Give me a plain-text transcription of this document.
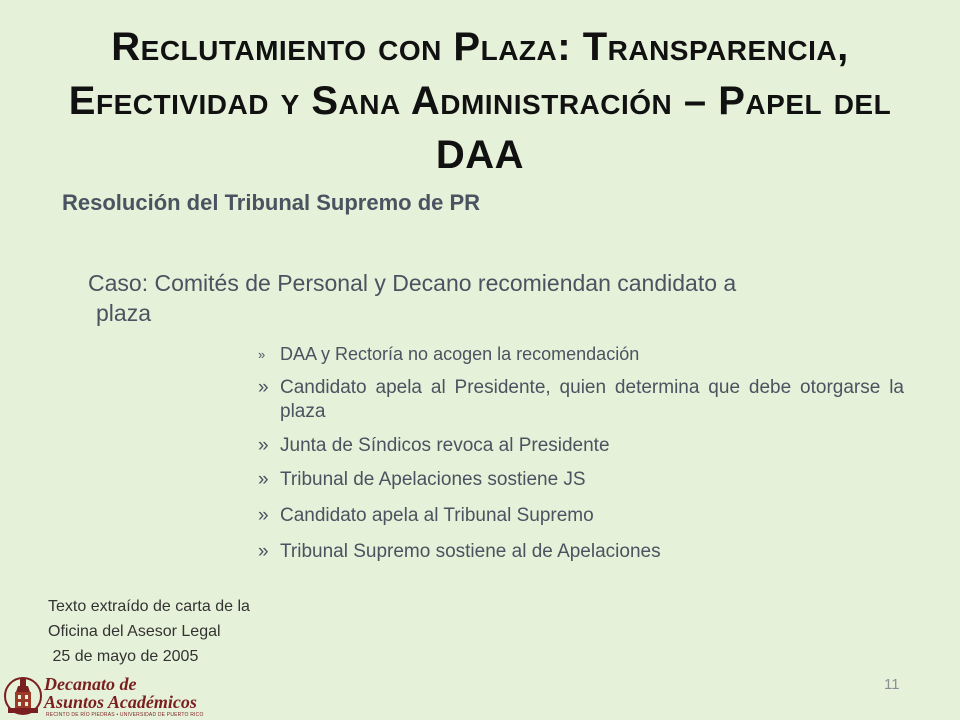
Reclutamiento con Plaza: Transparencia, Efectividad y Sana Administración – Papel del DAA

Resolución del Tribunal Supremo de PR

Caso: Comités de Personal y Decano recomiendan candidato a
plaza

» DAA y Rectoría no acogen la recomendación
» Candidato apela al Presidente, quien determina que debe otorgarse la plaza
» Junta de Síndicos revoca al Presidente
» Tribunal de Apelaciones sostiene JS
» Candidato apela al Tribunal Supremo
» Tribunal Supremo sostiene al de Apelaciones

Texto extraído de carta de la
Oficina del Asesor Legal
25 de mayo de 2005

Decanato de
Asuntos Académicos
RECINTO DE RÍO PIEDRAS • UNIVERSIDAD DE PUERTO RICO
11
